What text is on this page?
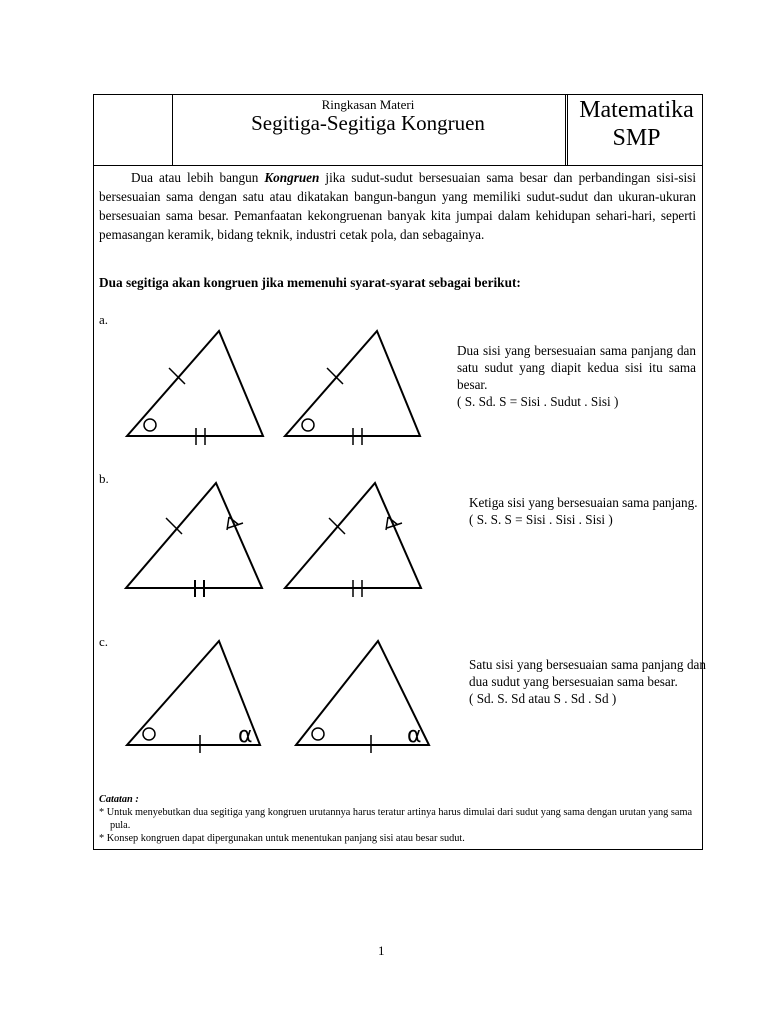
Ringkasan Materi
Segitiga-Segitiga Kongruen	Matematika
SMP

Dua atau lebih bangun Kongruen jika sudut-sudut bersesuaian sama besar dan perbandingan sisi-sisi bersesuaian sama dengan satu atau dikatakan bangun-bangun yang memiliki sudut-sudut dan ukuran-ukuran bersesuaian sama besar. Pemanfaatan kekongruenan banyak kita jumpai dalam kehidupan sehari-hari, seperti pemasangan keramik, bidang teknik, industri cetak pola, dan sebagainya.

Dua segitiga akan kongruen jika memenuhi syarat-syarat sebagai berikut:
a.

Dua sisi yang bersesuaian sama panjang dan satu sudut yang diapit kedua sisi itu sama besar.
( S. Sd. S = Sisi . Sudut . Sisi )

b.

Ketiga sisi yang bersesuaian sama panjang.
( S. S. S = Sisi . Sisi . Sisi )

c.

Satu sisi yang bersesuaian sama panjang dan dua sudut yang bersesuaian sama besar.
( Sd. S. Sd atau S . Sd . Sd )

α	α
Catatan :
* Untuk menyebutkan dua segitiga yang kongruen urutannya harus teratur artinya harus dimulai dari sudut yang sama dengan urutan yang sama pula.
* Konsep kongruen dapat dipergunakan untuk menentukan panjang sisi atau besar sudut.
1
